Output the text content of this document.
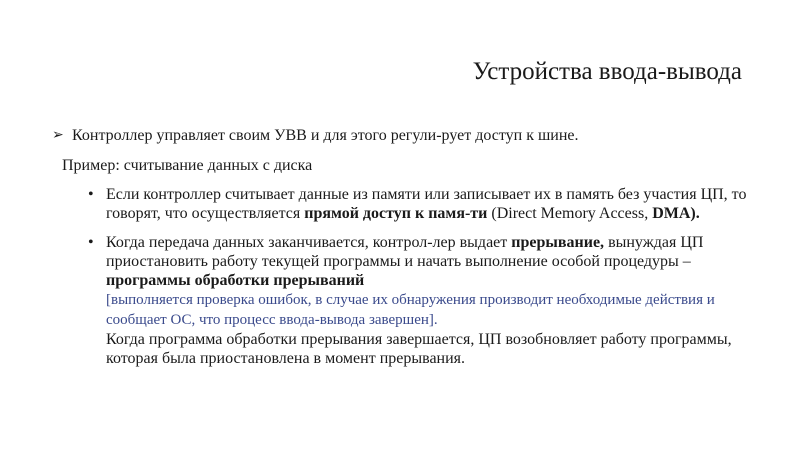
Устройства ввода-вывода
➢ Контроллер управляет своим УВВ и для этого регули-рует доступ к шине.
Пример: считывание данных с диска
• Если контроллер считывает данные из памяти или записывает их в память без участия ЦП, то говорят, что осуществляется прямой доступ к памя-ти (Direct Memory Access, DMA).
• Когда передача данных заканчивается, контрол-лер выдает прерывание, вынуждая ЦП приостановить работу текущей программы и начать выполнение особой процедуры – программы обработки прерываний
[выполняется проверка ошибок, в случае их обнаружения производит необходимые действия и сообщает ОС, что процесс ввода-вывода завершен].
Когда программа обработки прерывания завершается, ЦП возобновляет работу программы, которая была приостановлена в момент прерывания.
